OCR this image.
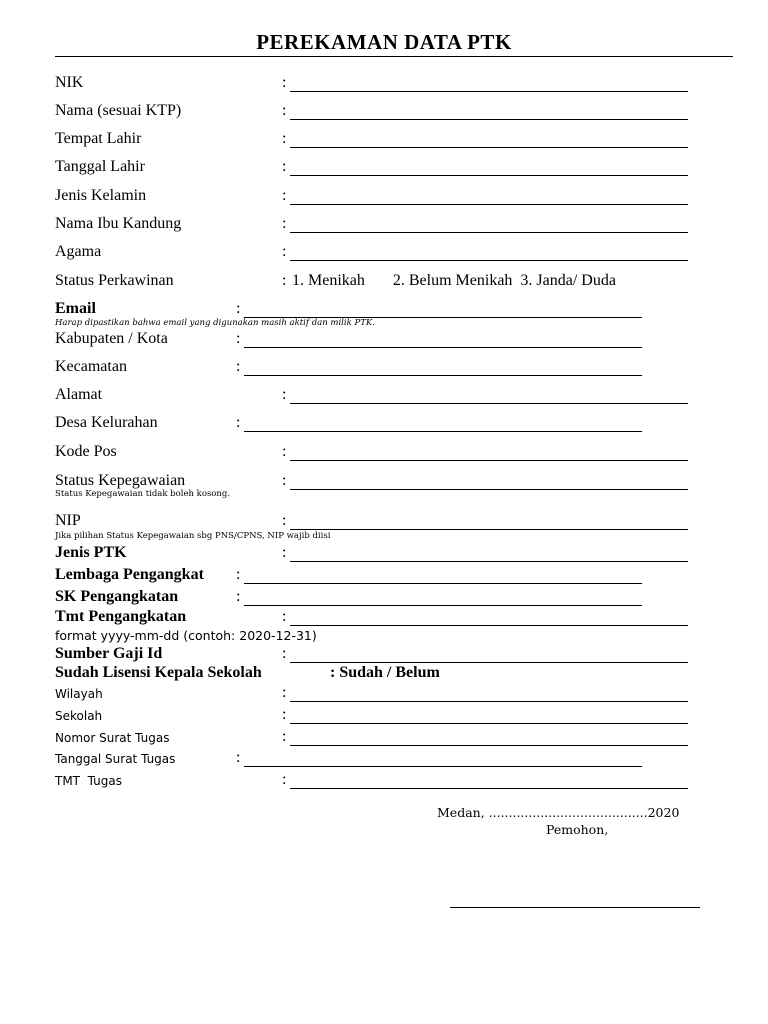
PEREKAMAN DATA PTK
NIK	:
Nama (sesuai KTP)	:
Tempat Lahir	:
Tanggal Lahir	:
Jenis Kelamin	:
Nama Ibu Kandung	:
Agama	:
Status Perkawinan	: 1. Menikah       2. Belum Menikah  3. Janda/ Duda
Email	:
Harap dipastikan bahwa email yang digunakan masih aktif dan milik PTK.
Kabupaten / Kota	:
Kecamatan	:
Alamat	:
Desa Kelurahan	:
Kode Pos	:
Status Kepegawaian	:
Status Kepegawaian tidak boleh kosong.
NIP	:
Jika pilihan Status Kepegawaian sbg PNS/CPNS, NIP wajib diisi
Jenis PTK	:
Lembaga Pengangkat :
SK Pengangkatan	:
Tmt Pengangkatan	:
format yyyy-mm-dd (contoh: 2020-12-31)
Sumber Gaji Id	:
Sudah Lisensi Kepala Sekolah	: Sudah / Belum
Wilayah	:
Sekolah	:
Nomor Surat Tugas	:
Tanggal Surat Tugas	:
TMT  Tugas	:
Medan, ........................................2020
Pemohon,
